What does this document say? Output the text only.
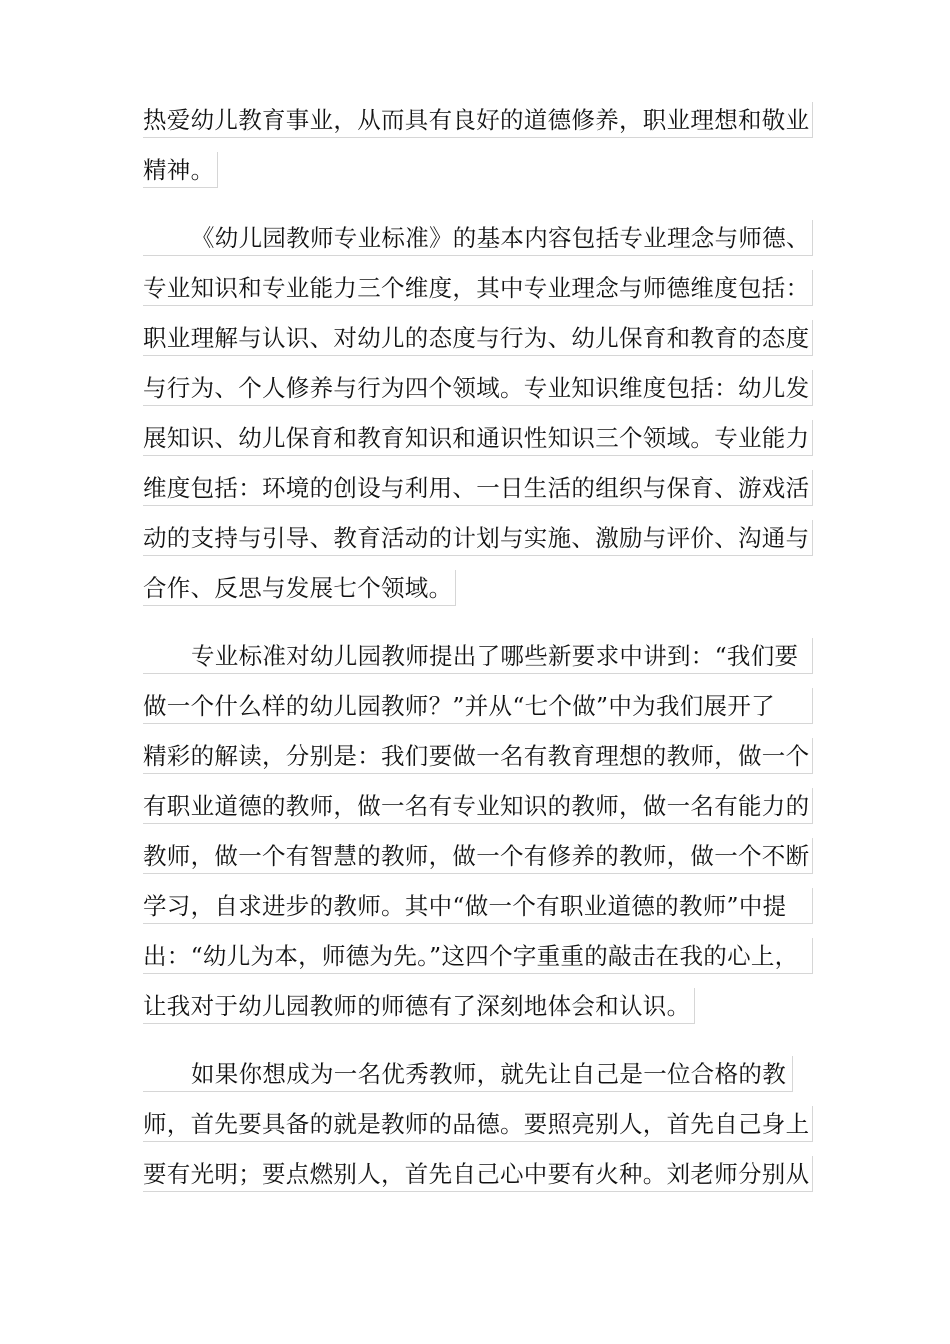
热爱幼儿教育事业，从而具有良好的道德修养，职业理想和敬业
精神。
《幼儿园教师专业标准》的基本内容包括专业理念与师德、
专业知识和专业能力三个维度，其中专业理念与师德维度包括：
职业理解与认识、对幼儿的态度与行为、幼儿保育和教育的态度
与行为、个人修养与行为四个领域。专业知识维度包括：幼儿发
展知识、幼儿保育和教育知识和通识性知识三个领域。专业能力
维度包括：环境的创设与利用、一日生活的组织与保育、游戏活
动的支持与引导、教育活动的计划与实施、激励与评价、沟通与
合作、反思与发展七个领域。
专业标准对幼儿园教师提出了哪些新要求中讲到：“我们要
做一个什么样的幼儿园教师？”并从“七个做”中为我们展开了
精彩的解读，分别是：我们要做一名有教育理想的教师，做一个
有职业道德的教师，做一名有专业知识的教师，做一名有能力的
教师，做一个有智慧的教师，做一个有修养的教师，做一个不断
学习，自求进步的教师。其中“做一个有职业道德的教师”中提
出：“幼儿为本，师德为先。”这四个字重重的敲击在我的心上，
让我对于幼儿园教师的师德有了深刻地体会和认识。
如果你想成为一名优秀教师，就先让自己是一位合格的教
师，首先要具备的就是教师的品德。要照亮别人，首先自己身上
要有光明；要点燃别人，首先自己心中要有火种。刘老师分别从
